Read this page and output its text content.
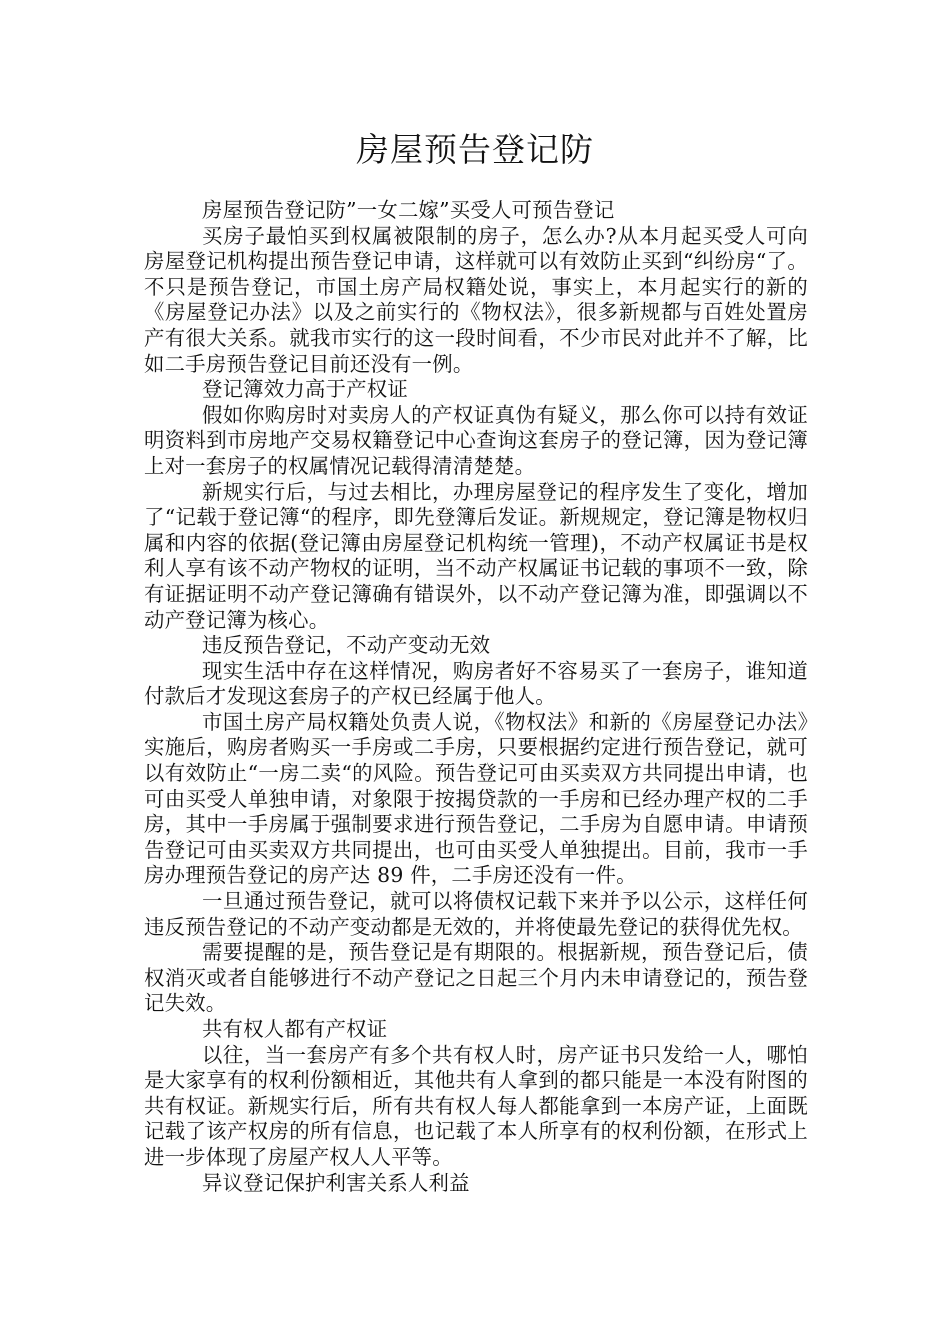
房屋预告登记防

房屋预告登记防”一女二嫁”买受人可预告登记

买房子最怕买到权属被限制的房子，怎么办?从本月起买受人可向房屋登记机构提出预告登记申请，这样就可以有效防止买到“纠纷房“了。不只是预告登记，市国土房产局权籍处说，事实上，本月起实行的新的《房屋登记办法》以及之前实行的《物权法》，很多新规都与百姓处置房产有很大关系。就我市实行的这一段时间看，不少市民对此并不了解，比如二手房预告登记目前还没有一例。

登记簿效力高于产权证

假如你购房时对卖房人的产权证真伪有疑义，那么你可以持有效证明资料到市房地产交易权籍登记中心查询这套房子的登记簿，因为登记簿上对一套房子的权属情况记载得清清楚楚。

新规实行后，与过去相比，办理房屋登记的程序发生了变化，增加了“记载于登记簿“的程序，即先登簿后发证。新规规定，登记簿是物权归属和内容的依据(登记簿由房屋登记机构统一管理)，不动产权属证书是权利人享有该不动产物权的证明，当不动产权属证书记载的事项不一致，除有证据证明不动产登记簿确有错误外，以不动产登记簿为准，即强调以不动产登记簿为核心。

违反预告登记，不动产变动无效

现实生活中存在这样情况，购房者好不容易买了一套房子，谁知道付款后才发现这套房子的产权已经属于他人。

市国土房产局权籍处负责人说，《物权法》和新的《房屋登记办法》实施后，购房者购买一手房或二手房，只要根据约定进行预告登记，就可以有效防止“一房二卖“的风险。预告登记可由买卖双方共同提出申请，也可由买受人单独申请，对象限于按揭贷款的一手房和已经办理产权的二手房，其中一手房属于强制要求进行预告登记，二手房为自愿申请。申请预告登记可由买卖双方共同提出，也可由买受人单独提出。目前，我市一手房办理预告登记的房产达 89 件，二手房还没有一件。

一旦通过预告登记，就可以将债权记载下来并予以公示，这样任何违反预告登记的不动产变动都是无效的，并将使最先登记的获得优先权。

需要提醒的是，预告登记是有期限的。根据新规，预告登记后，债权消灭或者自能够进行不动产登记之日起三个月内未申请登记的，预告登记失效。

共有权人都有产权证

以往，当一套房产有多个共有权人时，房产证书只发给一人，哪怕是大家享有的权利份额相近，其他共有人拿到的都只能是一本没有附图的共有权证。新规实行后，所有共有权人每人都能拿到一本房产证，上面既记载了该产权房的所有信息，也记载了本人所享有的权利份额，在形式上进一步体现了房屋产权人人平等。

异议登记保护利害关系人利益
